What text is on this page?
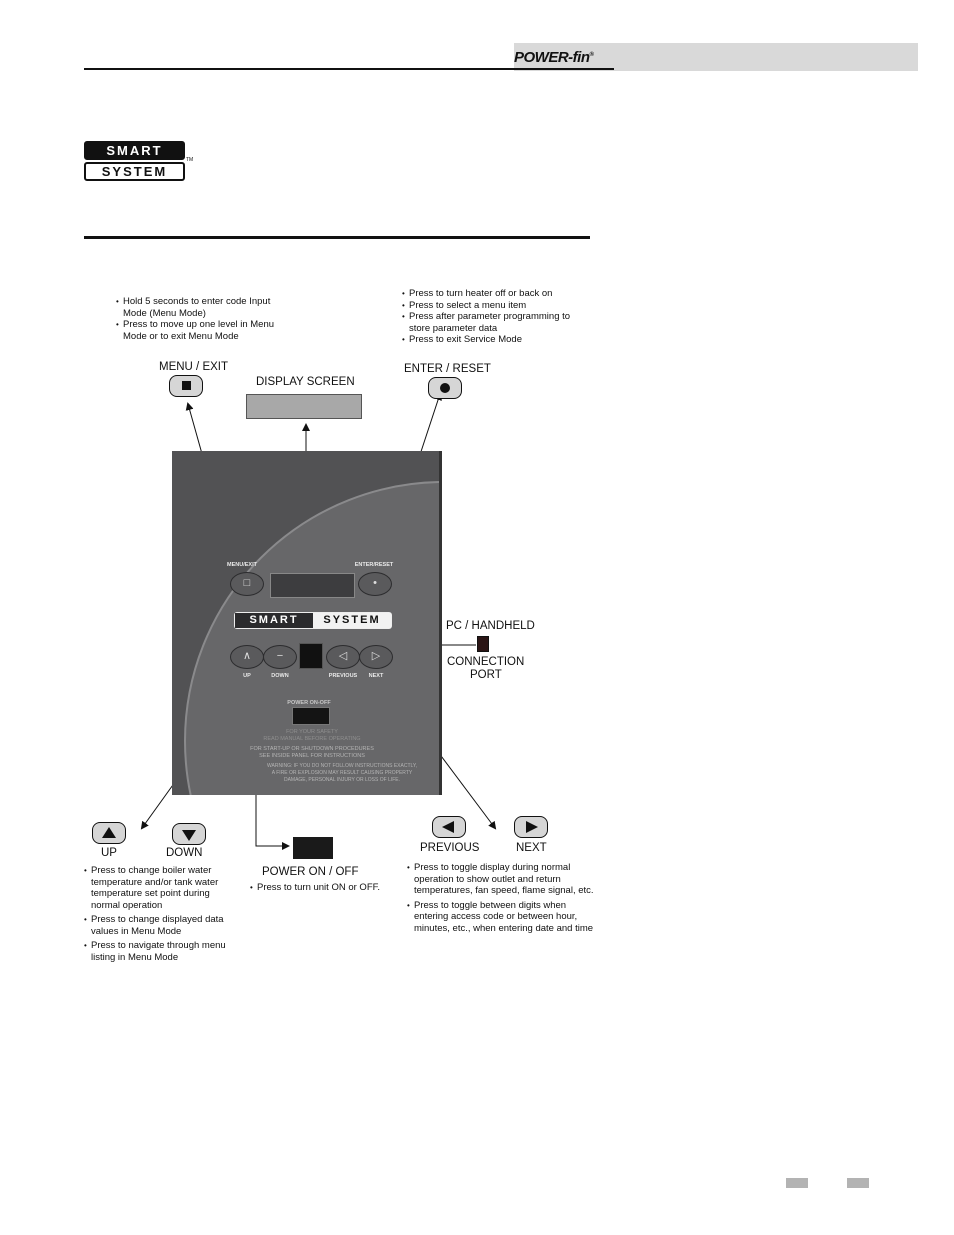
POWER-fin®
SMART SYSTEM
TM
• Hold 5 seconds to enter code Input Mode (Menu Mode)
• Press to move up one level in Menu Mode or to exit Menu Mode
MENU / EXIT
DISPLAY SCREEN
• Press to turn heater off or back on
• Press to select a menu item
• Press after parameter programming to store parameter data
• Press to exit Service Mode
ENTER / RESET
MENU/EXIT
□
ENTER/RESET
•
SMART	SYSTEM
∧
UP
−
DOWN
◁
PREVIOUS
▷
NEXT
POWER ON-OFF
FOR YOUR SAFETY
READ MANUAL BEFORE OPERATING
FOR START-UP OR SHUTDOWN PROCEDURES
SEE INSIDE PANEL FOR INSTRUCTIONS
WARNING: IF YOU DO NOT FOLLOW INSTRUCTIONS EXACTLY,
A FIRE OR EXPLOSION MAY RESULT CAUSING PROPERTY
DAMAGE, PERSONAL INJURY OR LOSS OF LIFE.
PC / HANDHELD
CONNECTION
PORT
UP	DOWN
• Press to change boiler water temperature and/or tank water temperature set point during normal operation
• Press to change displayed data values in Menu Mode
• Press to navigate through menu listing in Menu Mode
POWER ON / OFF
• Press to turn unit ON or OFF.
PREVIOUS	NEXT
• Press to toggle display during normal operation to show outlet and return temperatures, fan speed, flame signal, etc.
• Press to toggle between digits when entering access code or between hour, minutes, etc., when entering date and time
